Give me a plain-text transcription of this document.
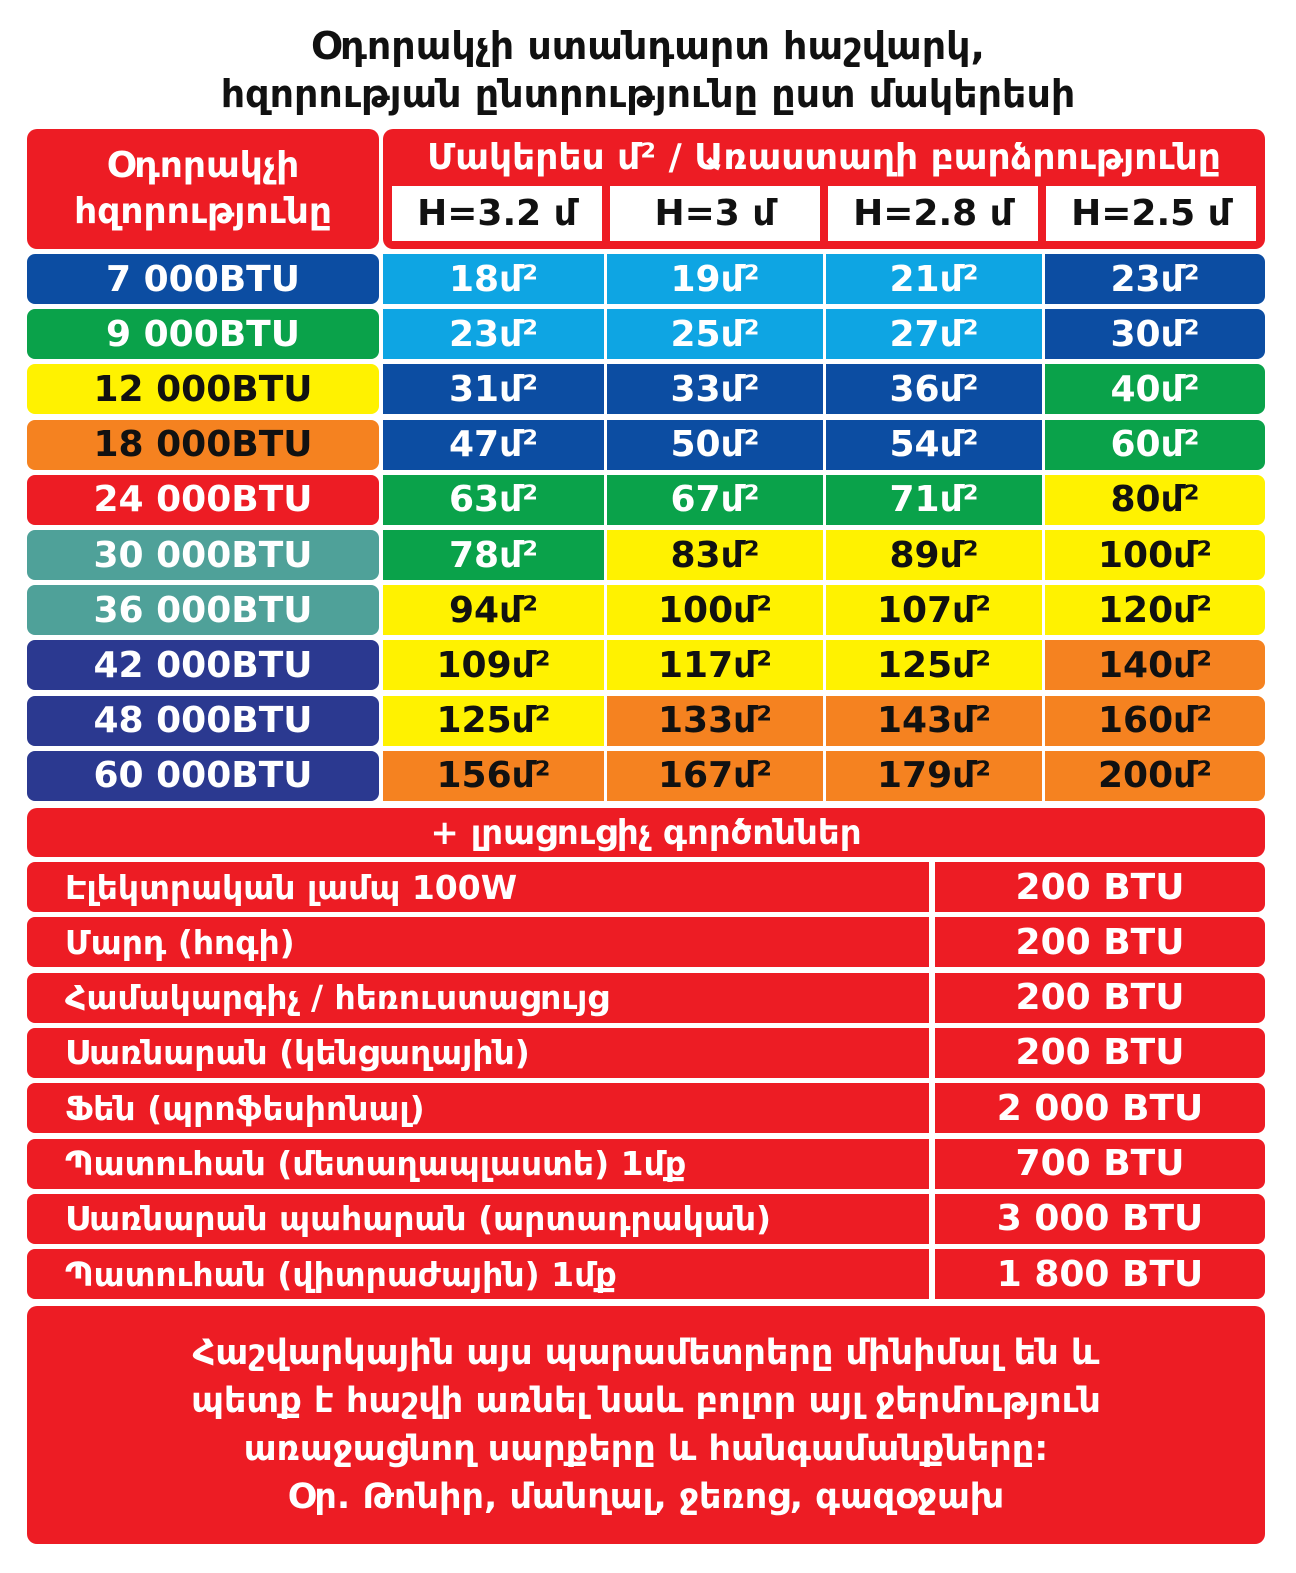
Օդորակչի ստանդարտ հաշվարկ,
հզորության ընտրությունը ըստ մակերեսի
Օդորակչի
հզորությունը
Մակերես մ² / Առաստաղի բարձրությունը
H=3.2 մ	H=3 մ	H=2.8 մ	H=2.5 մ
7 000BTU	18մ²	19մ²	21մ²	23մ²
9 000BTU	23մ²	25մ²	27մ²	30մ²
12 000BTU	31մ²	33մ²	36մ²	40մ²
18 000BTU	47մ²	50մ²	54մ²	60մ²
24 000BTU	63մ²	67մ²	71մ²	80մ²
30 000BTU	78մ²	83մ²	89մ²	100մ²
36 000BTU	94մ²	100մ²	107մ²	120մ²
42 000BTU	109մ²	117մ²	125մ²	140մ²
48 000BTU	125մ²	133մ²	143մ²	160մ²
60 000BTU	156մ²	167մ²	179մ²	200մ²
+ լրացուցիչ գործոններ
Էլեկտրական լամպ 100W	200 BTU
Մարդ (հոգի)	200 BTU
Համակարգիչ / հեռուստացույց	200 BTU
Սառնարան (կենցաղային)	200 BTU
Ֆեն (պրոֆեսիոնալ)	2 000 BTU
Պատուհան (մետաղապլաստե) 1մք	700 BTU
Սառնարան պահարան (արտադրական)	3 000 BTU
Պատուհան (վիտրաժային) 1մք	1 800 BTU
Հաշվարկային այս պարամետրերը մինիմալ են և
պետք է հաշվի առնել նաև բոլոր այլ ջերմություն
առաջացնող սարքերը և հանգամանքները:
Օր. Թոնիր, մանղալ, ջեռոց, գազօջախ
